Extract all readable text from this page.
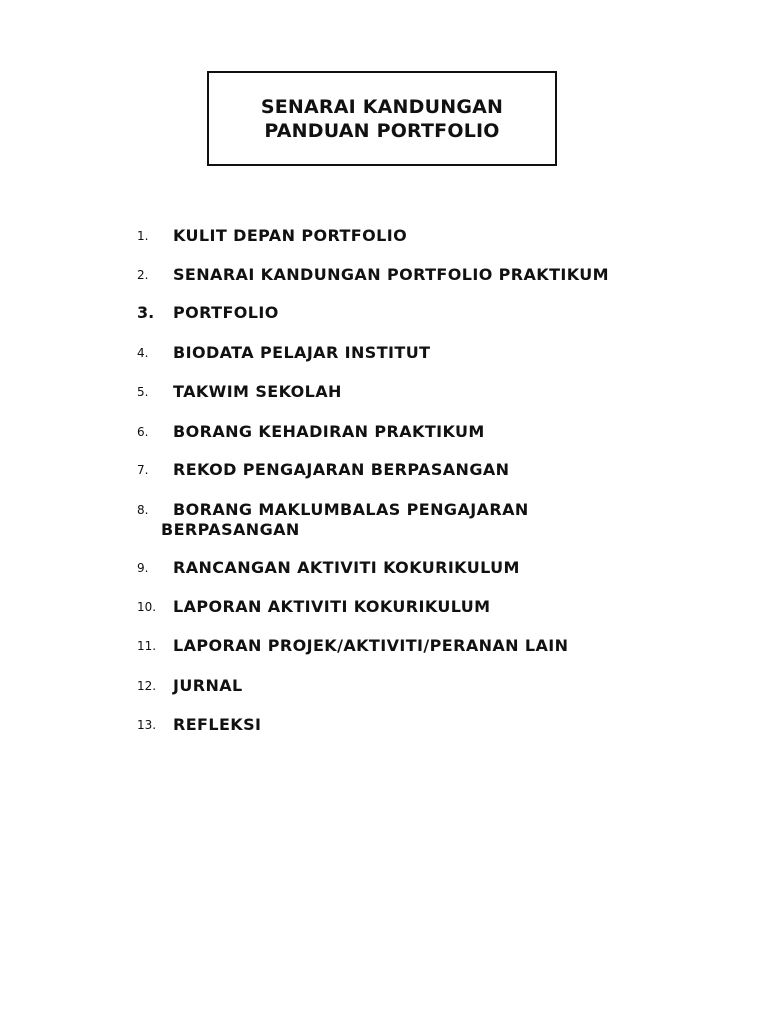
SENARAI KANDUNGAN
PANDUAN PORTFOLIO
1.	KULIT DEPAN PORTFOLIO
2.	SENARAI KANDUNGAN PORTFOLIO PRAKTIKUM
3.	PORTFOLIO
4.	BIODATA PELAJAR INSTITUT
5.	TAKWIM SEKOLAH
6.	BORANG KEHADIRAN PRAKTIKUM
7.	REKOD PENGAJARAN BERPASANGAN
8.	BORANG MAKLUMBALAS PENGAJARAN
BERPASANGAN
9.	RANCANGAN AKTIVITI KOKURIKULUM
10.	LAPORAN AKTIVITI KOKURIKULUM
11.	LAPORAN PROJEK/AKTIVITI/PERANAN LAIN
12.	JURNAL
13.	REFLEKSI
